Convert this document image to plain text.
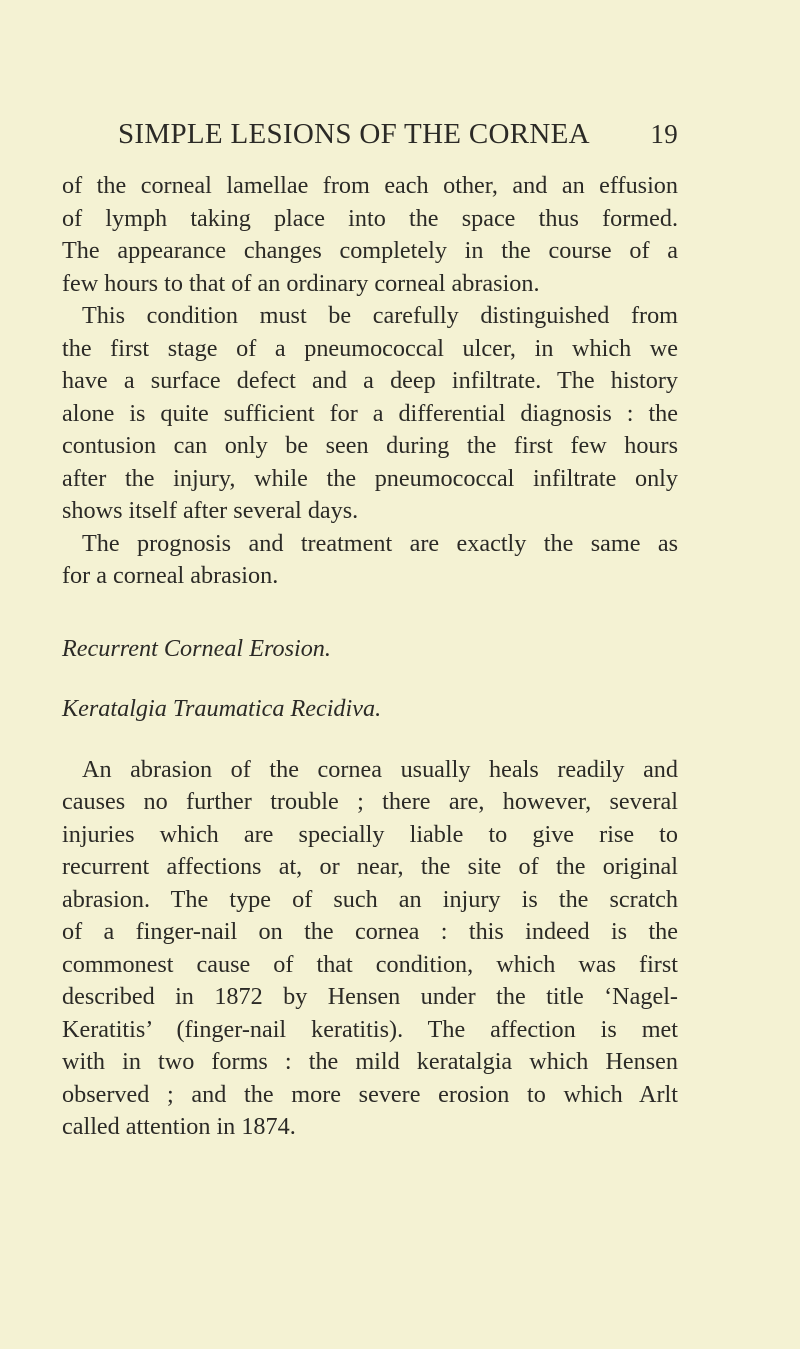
SIMPLE LESIONS OF THE CORNEA 19
of the corneal lamellae from each other, and an effusion
of lymph taking place into the space thus formed.
The appearance changes completely in the course of a
few hours to that of an ordinary corneal abrasion.
This condition must be carefully distinguished from
the first stage of a pneumococcal ulcer, in which we
have a surface defect and a deep infiltrate. The history
alone is quite sufficient for a differential diagnosis : the
contusion can only be seen during the first few hours
after the injury, while the pneumococcal infiltrate only
shows itself after several days.
The prognosis and treatment are exactly the same as
for a corneal abrasion.
Recurrent Corneal Erosion.
Keratalgia Traumatica Recidiva.
An abrasion of the cornea usually heals readily and
causes no further trouble ; there are, however, several
injuries which are specially liable to give rise to
recurrent affections at, or near, the site of the original
abrasion. The type of such an injury is the scratch
of a finger-nail on the cornea : this indeed is the
commonest cause of that condition, which was first
described in 1872 by Hensen under the title ‘Nagel-
Keratitis’ (finger-nail keratitis). The affection is met
with in two forms : the mild keratalgia which Hensen
observed ; and the more severe erosion to which Arlt
called attention in 1874.
